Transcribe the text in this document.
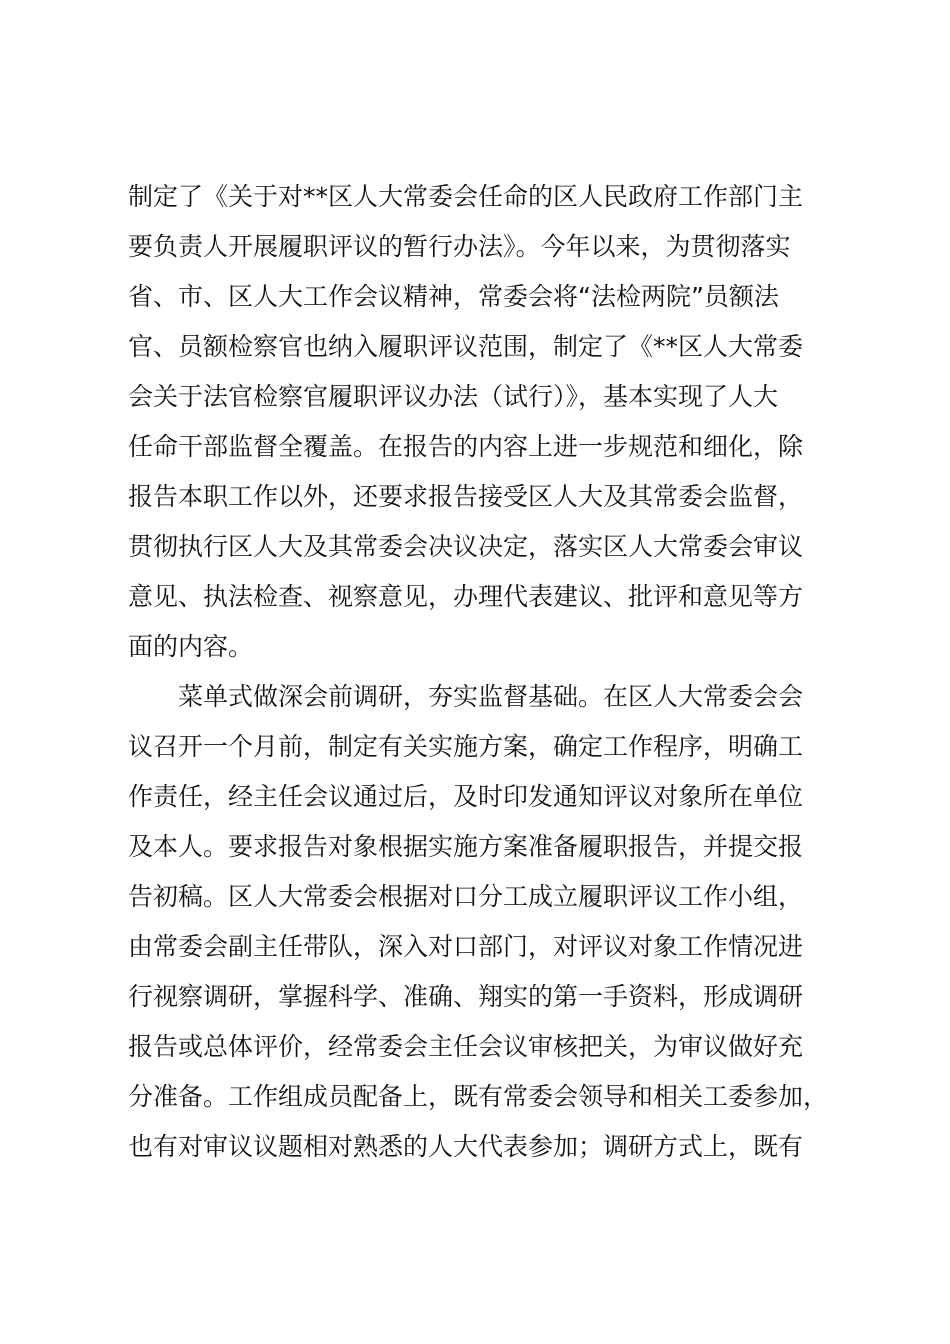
制定了《关于对**区人大常委会任命的区人民政府工作部门主
要负责人开展履职评议的暂行办法》。今年以来，为贯彻落实
省、市、区人大工作会议精神，常委会将“法检两院”员额法
官、员额检察官也纳入履职评议范围，制定了《**区人大常委
会关于法官检察官履职评议办法（试行）》，基本实现了人大
任命干部监督全覆盖。在报告的内容上进一步规范和细化，除
报告本职工作以外，还要求报告接受区人大及其常委会监督，
贯彻执行区人大及其常委会决议决定，落实区人大常委会审议
意见、执法检查、视察意见，办理代表建议、批评和意见等方
面的内容。
菜单式做深会前调研，夯实监督基础。在区人大常委会会
议召开一个月前，制定有关实施方案，确定工作程序，明确工
作责任，经主任会议通过后，及时印发通知评议对象所在单位
及本人。要求报告对象根据实施方案准备履职报告，并提交报
告初稿。区人大常委会根据对口分工成立履职评议工作小组，
由常委会副主任带队，深入对口部门，对评议对象工作情况进
行视察调研，掌握科学、准确、翔实的第一手资料，形成调研
报告或总体评价，经常委会主任会议审核把关，为审议做好充
分准备。工作组成员配备上，既有常委会领导和相关工委参加，
也有对审议议题相对熟悉的人大代表参加；调研方式上，既有
